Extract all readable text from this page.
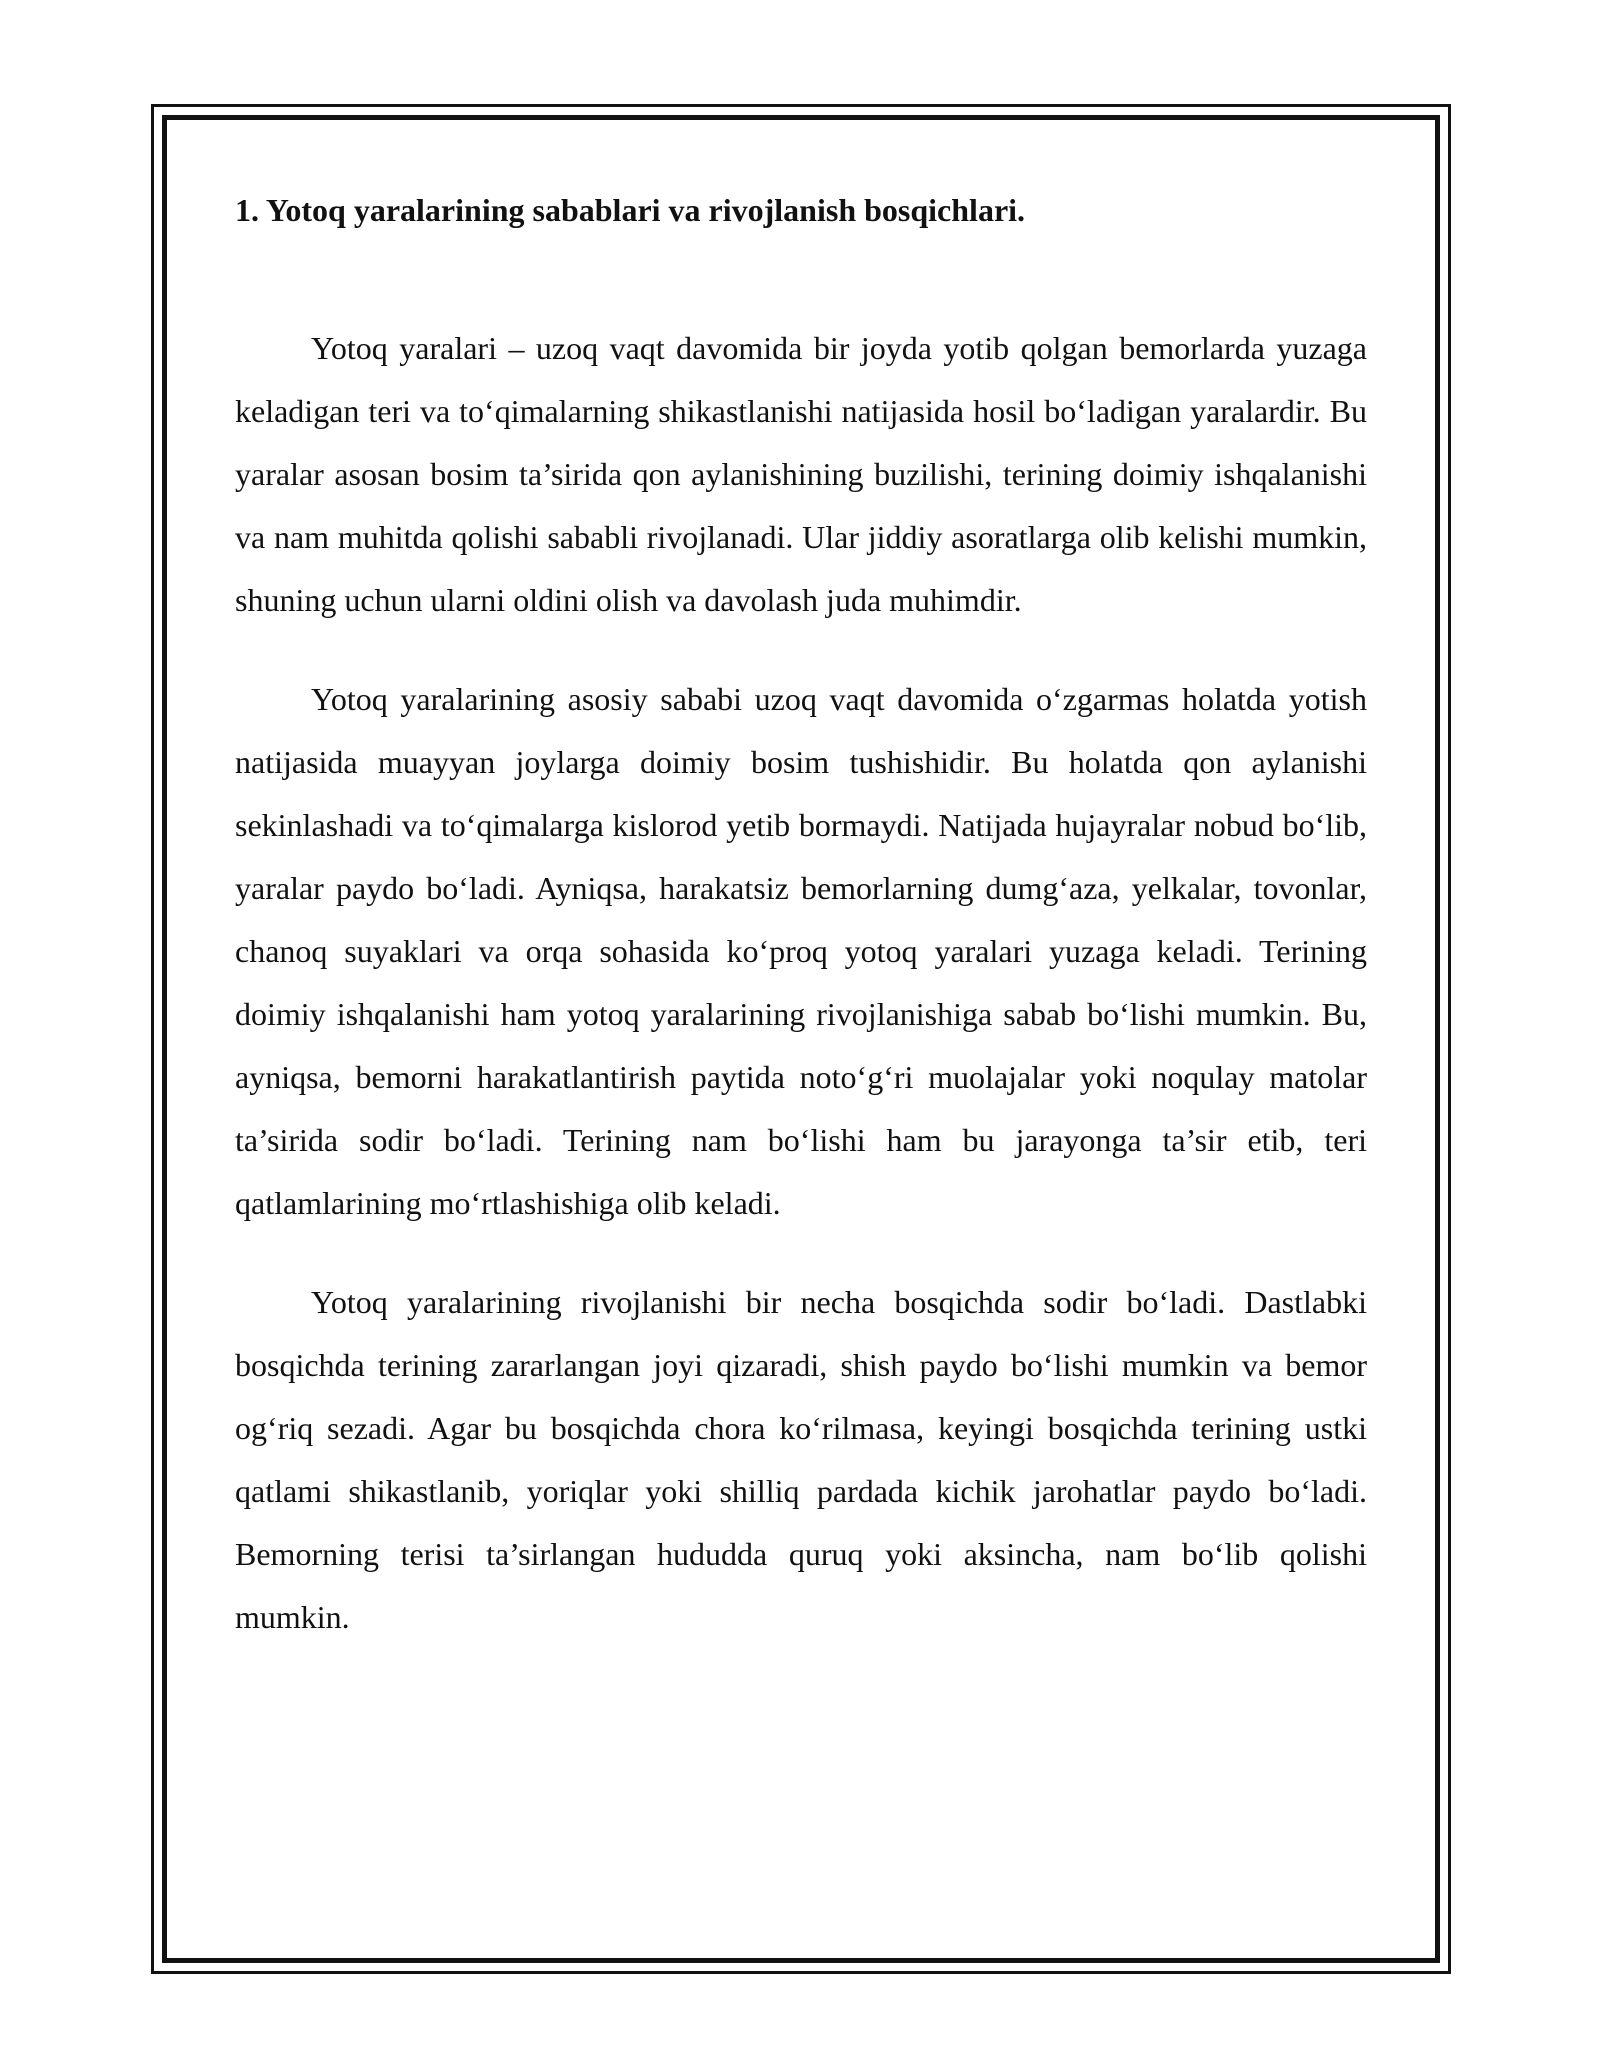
1. Yotoq yaralarining sabablari va rivojlanish bosqichlari.

Yotoq yaralari – uzoq vaqt davomida bir joyda yotib qolgan bemorlarda yuzaga keladigan teri va to‘qimalarning shikastlanishi natijasida hosil bo‘ladigan yaralardir. Bu yaralar asosan bosim ta’sirida qon aylanishining buzilishi, terining doimiy ishqalanishi va nam muhitda qolishi sababli rivojlanadi. Ular jiddiy asoratlarga olib kelishi mumkin, shuning uchun ularni oldini olish va davolash juda muhimdir.

Yotoq yaralarining asosiy sababi uzoq vaqt davomida o‘zgarmas holatda yotish natijasida muayyan joylarga doimiy bosim tushishidir. Bu holatda qon aylanishi sekinlashadi va to‘qimalarga kislorod yetib bormaydi. Natijada hujayralar nobud bo‘lib, yaralar paydo bo‘ladi. Ayniqsa, harakatsiz bemorlarning dumg‘aza, yelkalar, tovonlar, chanoq suyaklari va orqa sohasida ko‘proq yotoq yaralari yuzaga keladi. Terining doimiy ishqalanishi ham yotoq yaralarining rivojlanishiga sabab bo‘lishi mumkin. Bu, ayniqsa, bemorni harakatlantirish paytida noto‘g‘ri muolajalar yoki noqulay matolar ta’sirida sodir bo‘ladi. Terining nam bo‘lishi ham bu jarayonga ta’sir etib, teri qatlamlarining mo‘rtlashishiga olib keladi.

Yotoq yaralarining rivojlanishi bir necha bosqichda sodir bo‘ladi. Dastlabki bosqichda terining zararlangan joyi qizaradi, shish paydo bo‘lishi mumkin va bemor og‘riq sezadi. Agar bu bosqichda chora ko‘rilmasa, keyingi bosqichda terining ustki qatlami shikastlanib, yoriqlar yoki shilliq pardada kichik jarohatlar paydo bo‘ladi. Bemorning terisi ta’sirlangan hududda quruq yoki aksincha, nam bo‘lib qolishi mumkin.
